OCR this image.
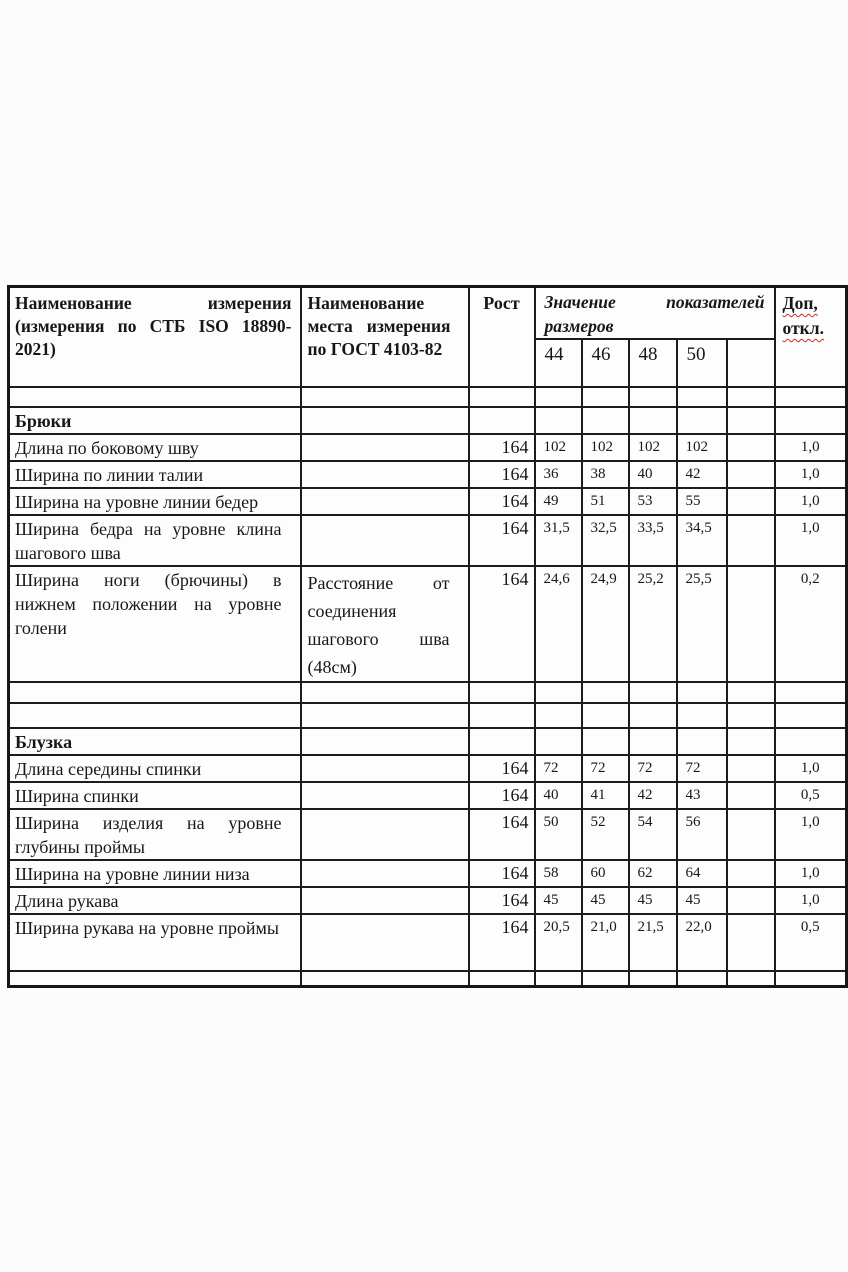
Наименование измерения (измерения по СТБ ISO 18890-2021)	Наименование места измерения по ГОСТ 4103-82	Рост	Значение показателей размеров					Доп, откл.
			44	46	48	50		

Брюки								
Длина по боковому шву		164	102	102	102	102		1,0
Ширина по линии талии		164	36	38	40	42		1,0
Ширина на уровне линии бедер		164	49	51	53	55		1,0
Ширина бедра на уровне клина шагового шва		164	31,5	32,5	33,5	34,5		1,0
Ширина ноги (брючины) в нижнем положении на уровне голени	Расстояние от соединения шагового шва (48см)	164	24,6	24,9	25,2	25,5		0,2

Блузка								
Длина середины спинки		164	72	72	72	72		1,0
Ширина спинки		164	40	41	42	43		0,5
Ширина изделия на уровне глубины проймы		164	50	52	54	56		1,0
Ширина на уровне линии низа		164	58	60	62	64		1,0
Длина рукава		164	45	45	45	45		1,0
Ширина рукава на уровне проймы		164	20,5	21,0	21,5	22,0		0,5
